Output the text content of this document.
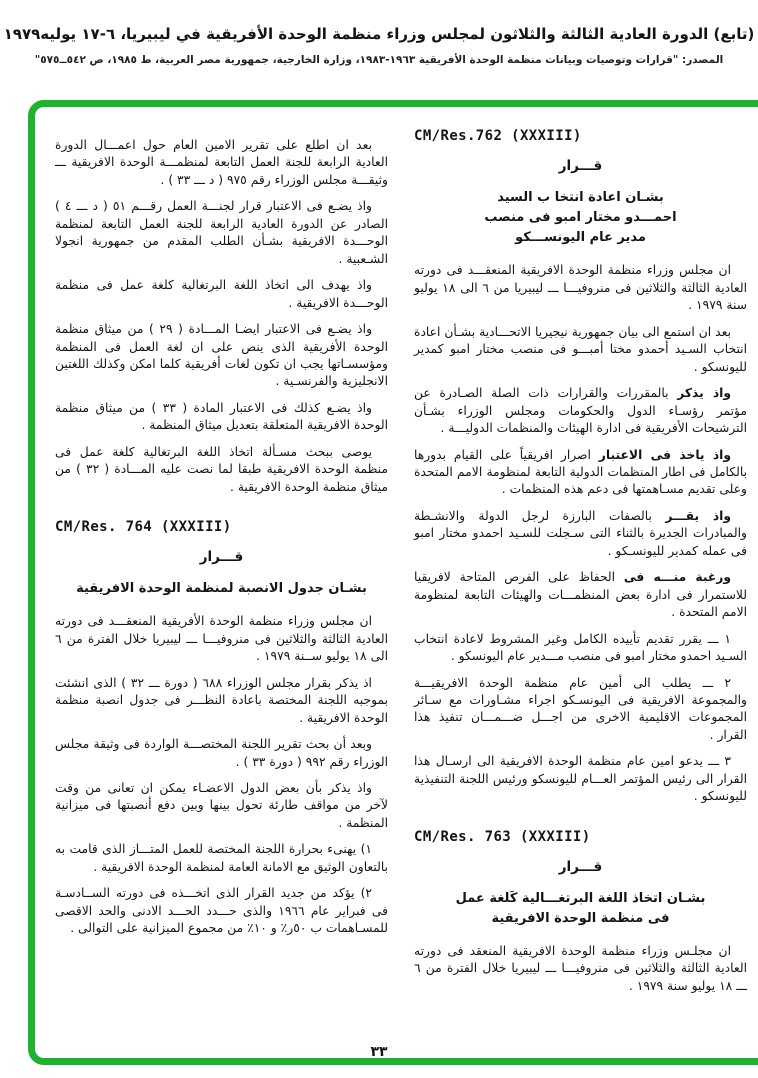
(تابع) الدورة العادية الثالثة والثلاثون لمجلس وزراء منظمة الوحدة الأفريقية في ليبيريا، ٦-١٧ يوليه١٩٧٩
المصدر: "قرارات وتوصيات وبيانات منظمة الوحدة الأفريقية ١٩٦٣-١٩٨٣، وزارة الخارجية، جمهورية مصر العربية، ط ١٩٨٥، ص ٥٤٢ــ٥٧٥"
CM/Res.762 (XXXIII)
قـــرار
بشـان اعادة انتخا ب السيد
احمـــدو مختار امبو فى منصب
مدير عام اليونســـكو

ان مجلس وزراء منظمة الوحدة الافريقية المنعقـــد فى دورته العادية الثالثة والثلاثين فى منروفيـــا ـــ ليبيريا من ٦ الى ١٨ يوليو سنة ١٩٧٩ .

بعد ان استمع الى بيان جمهورية نيجيريا الاتحـــادية بشـأن اعادة انتخاب السـيد أحمدو مختا أمبـــو فى منصب مختار امبو كمدير لليونسكو .

واذ يذكر بالمقررات والقرارات ذات الصلة الصـادرة عن مؤتمر رؤسـاء الدول والحكومات ومجلس الوزراء بشـأن الترشيحات الأفريقية فى ادارة الهيئات والمنظمات الدوليـــة .

واذ ياخذ فى الاعتبار اصرار افريقياً على القيام بدورها بالكامل فى اطار المنظمات الدولية التابعة لمنظومة الامم المتحدة وعلى تقديم مسـاهمتها فى دعم هذه المنظمات .

واذ يقـــر بالصفات البارزة لرجل الدولة والانشـطة والمبادرات الجديرة بالثناء التى سـجلت للسـيد احمدو مختار امبو فى عمله كمدير لليونسـكو .

ورغبة منـــه فى الحفاظ على الفرص المتاحة لافريقيا للاستمرار فى ادارة بعض المنظمـــات والهيئات التابعة لمنظومة الامم المتحدة .

١ ـــ يقرر تقديم تأييده الكامل وغير المشروط لاعادة انتخاب السـيد احمدو مختار امبو فى منصب مـــدير عام اليونسكو .

٢ ـــ يطلب الى أمين عام منظمة الوحدة الافريقيـــة والمجموعة الافريقية فى اليونسـكو اجراء مشـاورات مع سـائر المجموعات الاقليمية الاخرى من اجـــل ضـــمـــان تنفيذ هذا القرار .

٣ ـــ يدعو امين عام منظمة الوحدة الافريقية الى ارسـال هذا القرار الى رئيس المؤتمر العـــام لليونسكو ورئيس اللجنة التنفيذية لليونسكو .

CM/Res. 763 (XXXIII)
قـــرار
بشـان اتخاذ اللغة البرتغـــالية كَلغة عمل
فى منظمة الوحدة الافريقية

ان مجلـس وزراء منظمة الوحدة الافريقية المنعقد فى دورته العادية الثالثة والثلاثين فى منروفيـــا ـــ ليبيريا خلال الفترة من ٦ ـــ ١٨ يوليو سنة ١٩٧٩ .

بعد ان اطلع على تقرير الامين العام حول اعمـــال الدورة العادية الرابعة للجنة العمل التابعة لمنظمـــة الوحدة الافريقية ـــ وثيقـــة مجلس الوزراء رقم ٩٧٥ ( د ـــ ٣٣ ) .

واذ يضـع فى الاعتبار قرار لجنـــة العمل رقـــم ٥١ ( د ـــ ٤ ) الصادر عن الدورة العادية الرابعة للجنة العمل التابعة لمنظمة الوحـــدة الافريقية بشـأن الطلب المقدم من جمهورية انجولا الشـعبية .

واذ يهدف الى اتخاذ اللغة البرتغالية كلغة عمل فى منظمة الوحـــدة الافريقية .

واذ يضـع فى الاعتبار ايضـا المـــادة ( ٢٩ ) من ميثاق منظمة الوحدة الأفريقية الذى ينص على ان لغة العمل فى المنظمة ومؤسسـاتها يجب ان تكون لغات أفريقية كلما امكن وكذلك اللغتين الانجليزية والفرنسـية .

واذ يضـع كذلك فى الاعتبار المادة ( ٣٣ ) من ميثاق منظمة الوحدة الافريقية المتعلقة بتعديل ميثاق المنظمة .

يوصى ببحث مسـألة اتخاذ اللغة البرتغالية كلغة عمل فى منظمة الوحدة الافريقية طبقا لما نصت عليه المـــادة ( ٣٢ ) من ميثاق منظمة الوحدة الافريقية .

CM/Res. 764 (XXXIII)
قـــرار
بشـان جدول الانصبة لمنظمة الوحدة الافريقية

ان مجلس وزراء منظمة الوحدة الأفريقية المنعقـــد فى دورته العادية الثالثة والثلاثين فى منروفيـــا ـــ ليبيريا خلال الفترة من ٦ الى ١٨ يوليو ســنة ١٩٧٩ .

اذ يذكر بقرار مجلس الوزراء ٦٨٨ ( دورة ـــ ٣٢ ) الذى انشئت بموجبه اللجنة المختصة باعادة النظـــر فى جدول انصبة منظمة الوحدة الافريقية .

وبعد أن بحث تقرير اللجنة المختصـــة الواردة فى وثيقة مجلس الوزراء رقم ٩٩٢ ( دورة ٣٣ ) .

واذ يذكر بأن بعض الدول الاعضـاء يمكن ان تعانى من وقت لآخر من مواقف طارئة تحول بينها وبين دفع أنصبتها فى ميزانية المنظمة .

١) يهنىء بحرارة اللجنة المختصة للعمل المتـــاز الذى قامت به بالتعاون الوثيق مع الامانة العامة لمنظمة الوحدة الافريقية .

٢) يؤكد من جديد القرار الذى اتخـــذه فى دورته الســادسـة فى فبراير عام ١٩٦٦ والذى حـــدد الحـــد الادنى والحد الاقصى للمسـاهمات ب ٥٠ر٪ و ١٠٪ من مجموع الميزانية على التوالى .

٣٣
